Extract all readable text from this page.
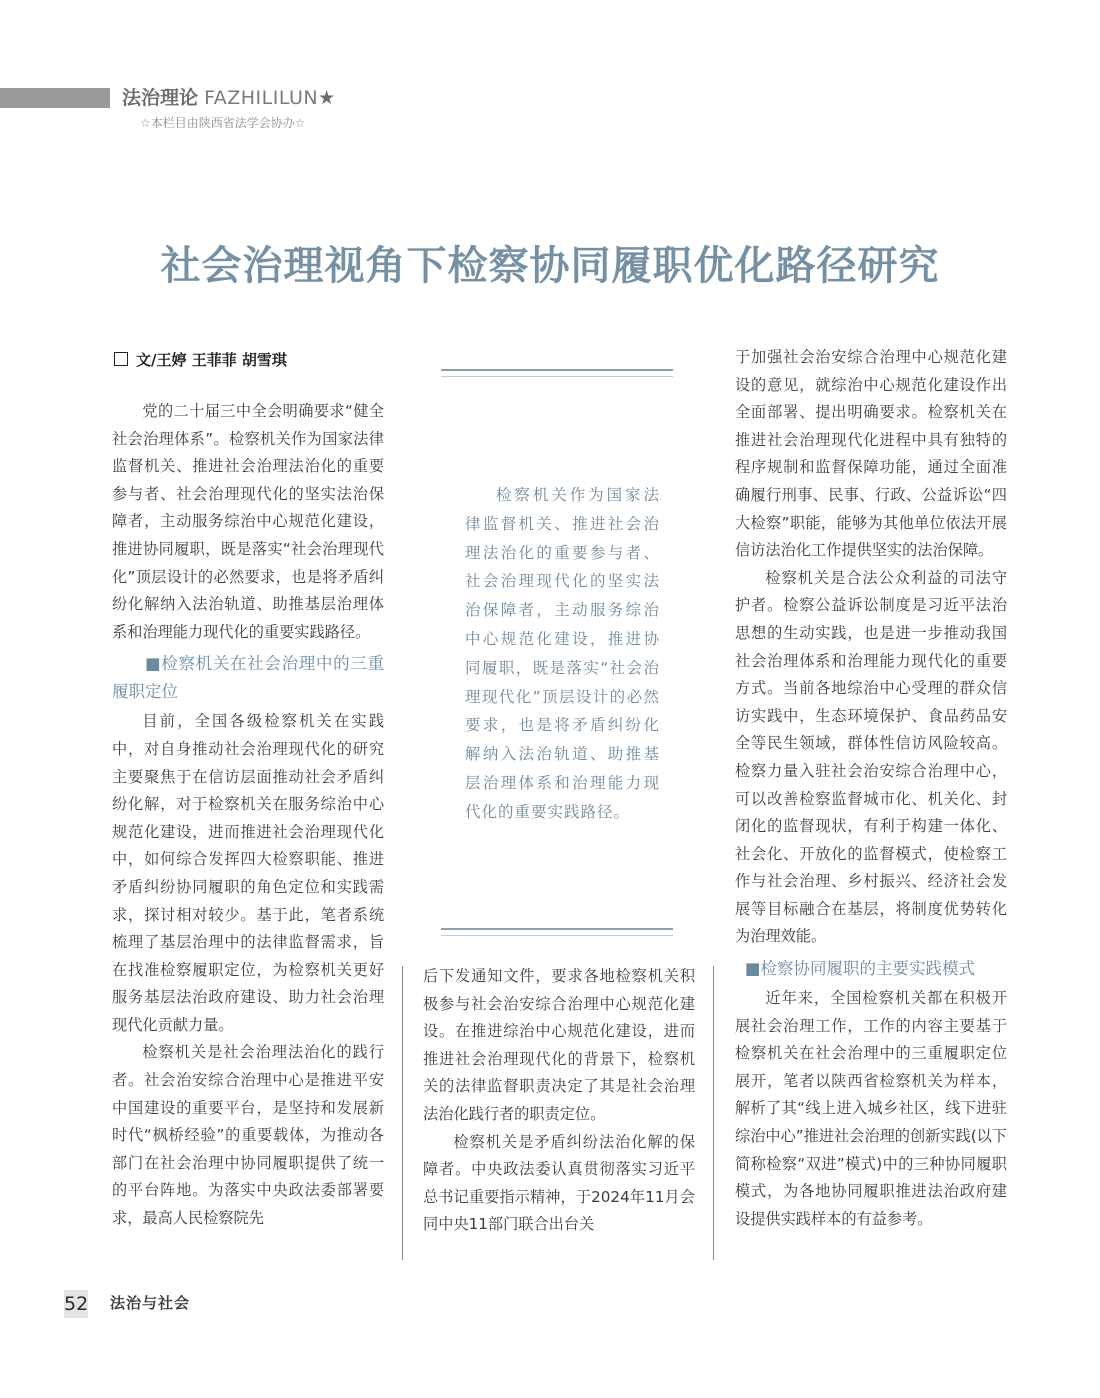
法治理论 FAZHILILUN★
☆本栏目由陕西省法学会协办☆
社会治理视角下检察协同履职优化路径研究
文/王婷 王菲菲 胡雪琪

党的二十届三中全会明确要求“健全社会治理体系”。检察机关作为国家法律监督机关、推进社会治理法治化的重要参与者、社会治理现代化的坚实法治保障者，主动服务综治中心规范化建设，推进协同履职，既是落实“社会治理现代化”顶层设计的必然要求，也是将矛盾纠纷化解纳入法治轨道、助推基层治理体系和治理能力现代化的重要实践路径。

■检察机关在社会治理中的三重履职定位

目前，全国各级检察机关在实践中，对自身推动社会治理现代化的研究主要聚焦于在信访层面推动社会矛盾纠纷化解，对于检察机关在服务综治中心规范化建设，进而推进社会治理现代化中，如何综合发挥四大检察职能、推进矛盾纠纷协同履职的角色定位和实践需求，探讨相对较少。基于此，笔者系统梳理了基层治理中的法律监督需求，旨在找准检察履职定位，为检察机关更好服务基层法治政府建设、助力社会治理现代化贡献力量。

检察机关是社会治理法治化的践行者。社会治安综合治理中心是推进平安中国建设的重要平台，是坚持和发展新时代“枫桥经验”的重要载体，为推动各部门在社会治理中协同履职提供了统一的平台阵地。为落实中央政法委部署要求，最高人民检察院先

检察机关作为国家法律监督机关、推进社会治理法治化的重要参与者、社会治理现代化的坚实法治保障者，主动服务综治中心规范化建设，推进协同履职，既是落实“社会治理现代化”顶层设计的必然要求，也是将矛盾纠纷化解纳入法治轨道、助推基层治理体系和治理能力现代化的重要实践路径。

后下发通知文件，要求各地检察机关积极参与社会治安综合治理中心规范化建设。在推进综治中心规范化建设，进而推进社会治理现代化的背景下，检察机关的法律监督职责决定了其是社会治理法治化践行者的职责定位。

检察机关是矛盾纠纷法治化解的保障者。中央政法委认真贯彻落实习近平总书记重要指示精神，于2024年11月会同中央11部门联合出台关

于加强社会治安综合治理中心规范化建设的意见，就综治中心规范化建设作出全面部署、提出明确要求。检察机关在推进社会治理现代化进程中具有独特的程序规制和监督保障功能，通过全面准确履行刑事、民事、行政、公益诉讼“四大检察”职能，能够为其他单位依法开展信访法治化工作提供坚实的法治保障。

检察机关是合法公众利益的司法守护者。检察公益诉讼制度是习近平法治思想的生动实践，也是进一步推动我国社会治理体系和治理能力现代化的重要方式。当前各地综治中心受理的群众信访实践中，生态环境保护、食品药品安全等民生领域，群体性信访风险较高。检察力量入驻社会治安综合治理中心，可以改善检察监督城市化、机关化、封闭化的监督现状，有利于构建一体化、社会化、开放化的监督模式，使检察工作与社会治理、乡村振兴、经济社会发展等目标融合在基层，将制度优势转化为治理效能。

■检察协同履职的主要实践模式

近年来，全国检察机关都在积极开展社会治理工作，工作的内容主要基于检察机关在社会治理中的三重履职定位展开，笔者以陕西省检察机关为样本，解析了其“线上进入城乡社区，线下进驻综治中心”推进社会治理的创新实践(以下简称检察“双进”模式)中的三种协同履职模式，为各地协同履职推进法治政府建设提供实践样本的有益参考。

52 法治与社会
